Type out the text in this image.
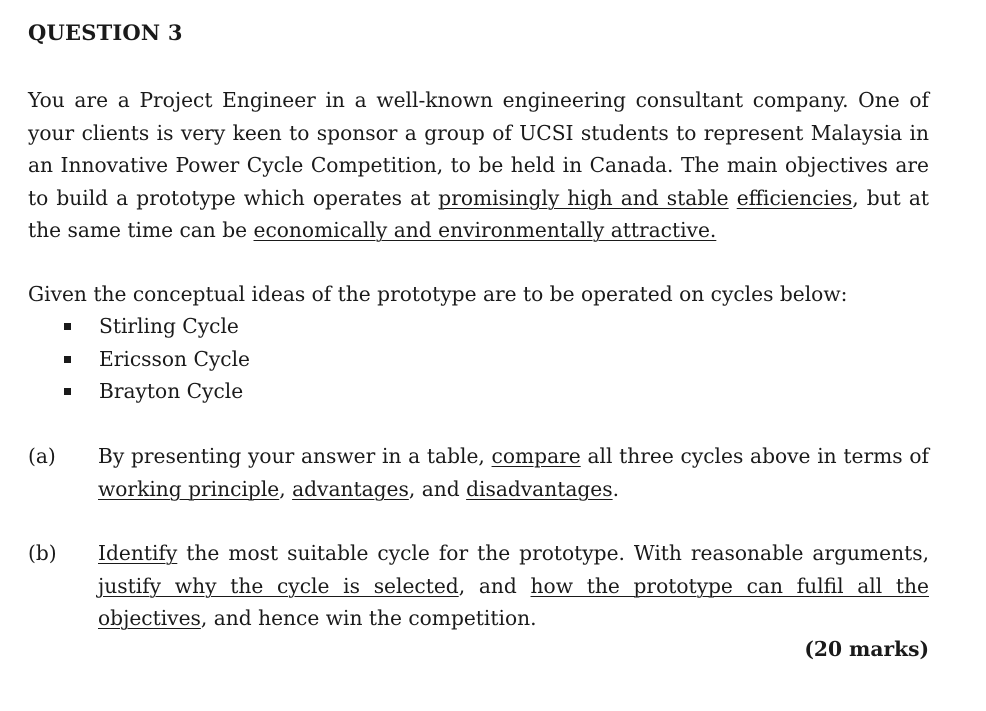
QUESTION 3
You are a Project Engineer in a well-known engineering consultant company. One of your clients is very keen to sponsor a group of UCSI students to represent Malaysia in an Innovative Power Cycle Competition, to be held in Canada. The main objectives are to build a prototype which operates at promisingly high and stable efficiencies, but at the same time can be economically and environmentally attractive.
Given the conceptual ideas of the prototype are to be operated on cycles below:
Stirling Cycle
Ericsson Cycle
Brayton Cycle
(a) By presenting your answer in a table, compare all three cycles above in terms of working principle, advantages, and disadvantages.
(b) Identify the most suitable cycle for the prototype. With reasonable arguments, justify why the cycle is selected, and how the prototype can fulfil all the objectives, and hence win the competition.
(20 marks)
